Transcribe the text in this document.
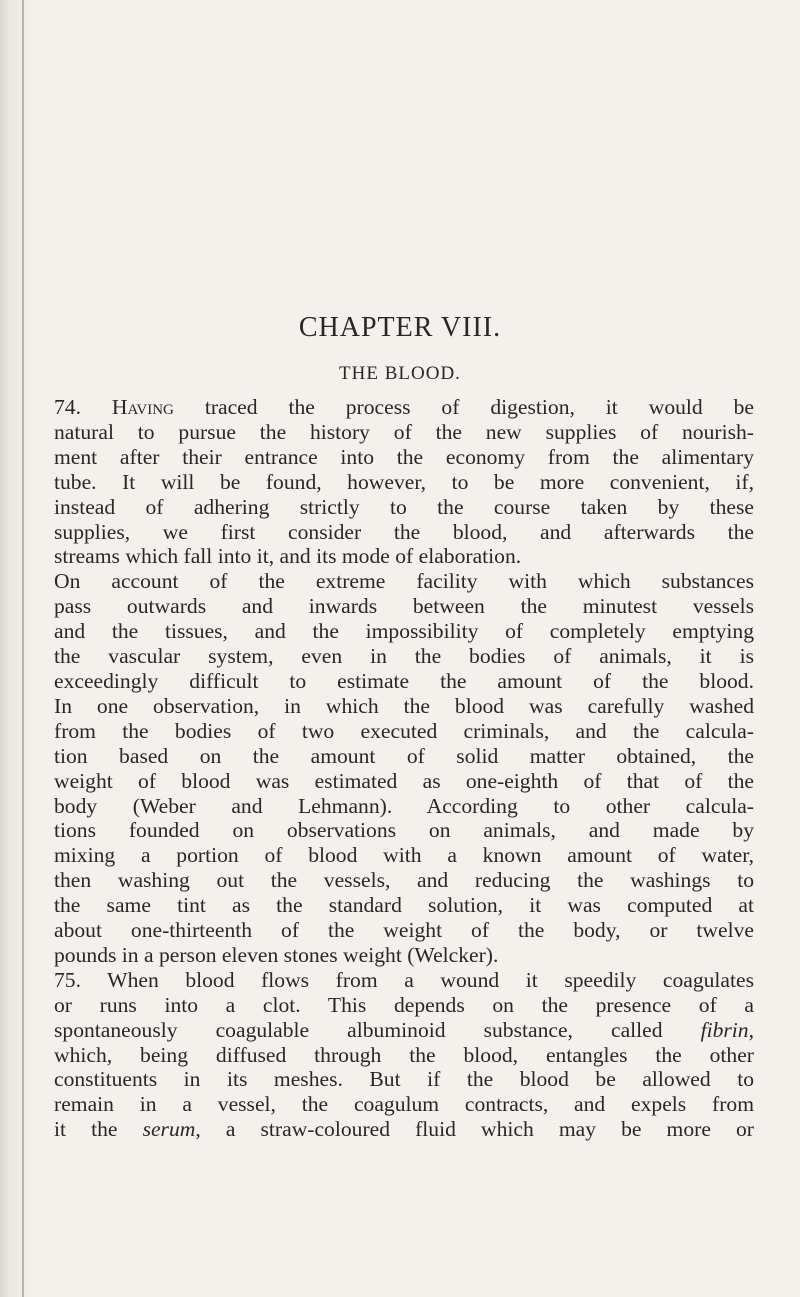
CHAPTER VIII.
THE BLOOD.
74. Having traced the process of digestion, it would be
natural to pursue the history of the new supplies of nourish-
ment after their entrance into the economy from the alimentary
tube. It will be found, however, to be more convenient, if,
instead of adhering strictly to the course taken by these
supplies, we first consider the blood, and afterwards the
streams which fall into it, and its mode of elaboration.
On account of the extreme facility with which substances
pass outwards and inwards between the minutest vessels
and the tissues, and the impossibility of completely emptying
the vascular system, even in the bodies of animals, it is
exceedingly difficult to estimate the amount of the blood.
In one observation, in which the blood was carefully washed
from the bodies of two executed criminals, and the calcula-
tion based on the amount of solid matter obtained, the
weight of blood was estimated as one-eighth of that of the
body (Weber and Lehmann). According to other calcula-
tions founded on observations on animals, and made by
mixing a portion of blood with a known amount of water,
then washing out the vessels, and reducing the washings to
the same tint as the standard solution, it was computed at
about one-thirteenth of the weight of the body, or twelve
pounds in a person eleven stones weight (Welcker).
75. When blood flows from a wound it speedily coagulates
or runs into a clot. This depends on the presence of a
spontaneously coagulable albuminoid substance, called fibrin,
which, being diffused through the blood, entangles the other
constituents in its meshes. But if the blood be allowed to
remain in a vessel, the coagulum contracts, and expels from
it the serum, a straw-coloured fluid which may be more or
